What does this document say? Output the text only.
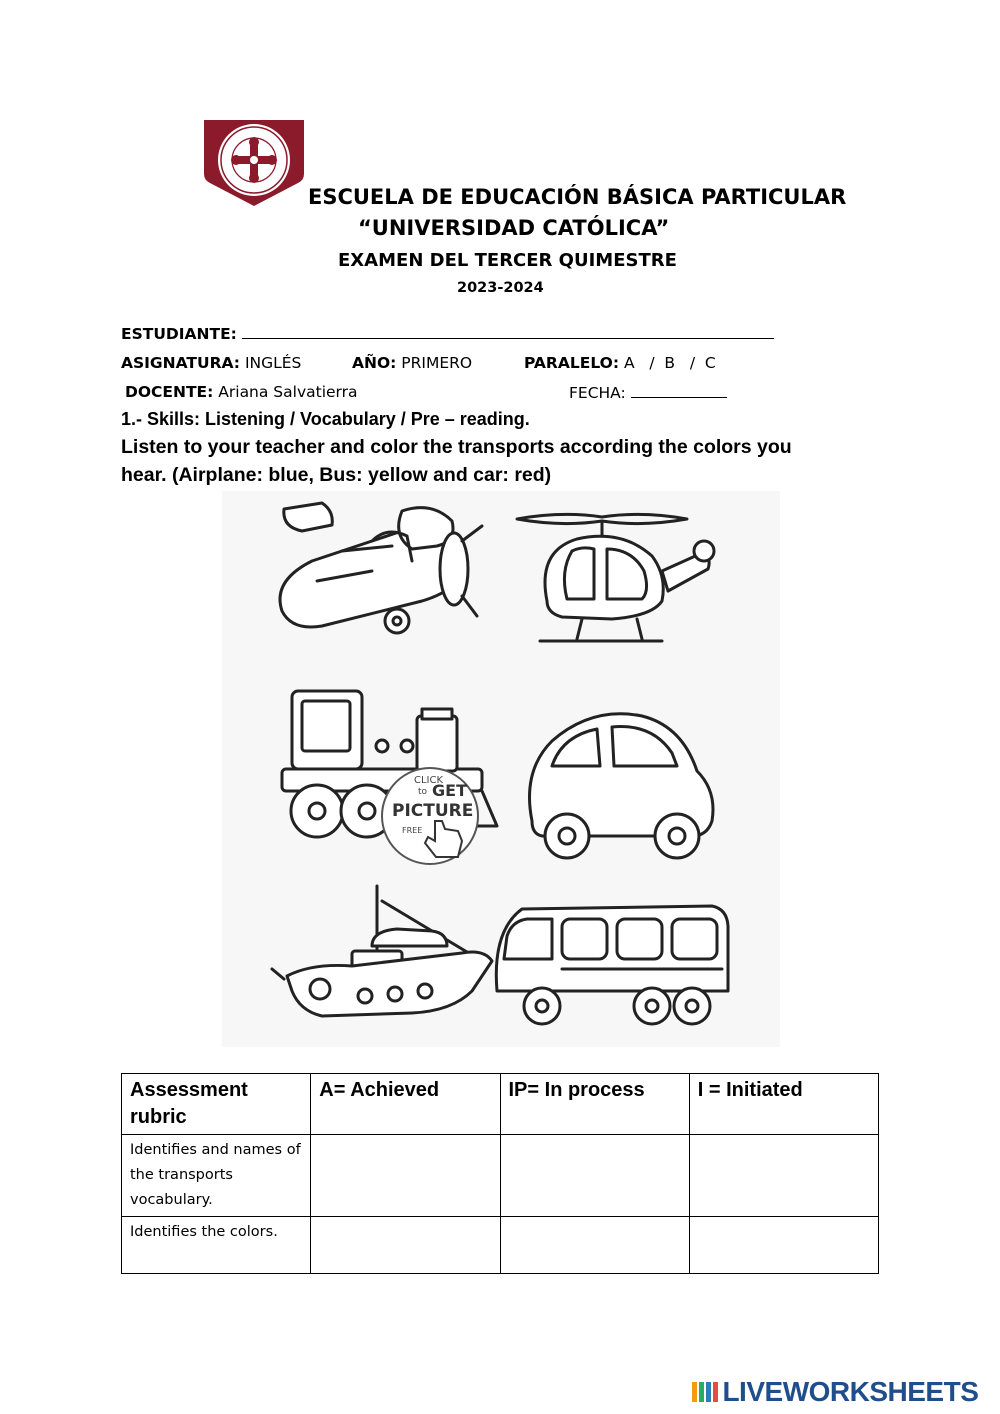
ESCUELA DE EDUCACIÓN BÁSICA PARTICULAR
“UNIVERSIDAD CATÓLICA”
EXAMEN DEL TERCER QUIMESTRE
2023-2024
ESTUDIANTE:
ASIGNATURA: INGLÉS	AÑO: PRIMERO	PARALELO: A   /  B   /  C
DOCENTE: Ariana Salvatierra	FECHA:
1.- Skills: Listening / Vocabulary / Pre – reading.
Listen to your teacher and color the transports according the colors you
hear. (Airplane: blue, Bus: yellow and car: red)
CLICK
to GET
PICTURE
FREE
Assessment rubric	A= Achieved	IP= In process	I = Initiated
Identifies and names of the transports vocabulary.			
Identifies the colors.			
LIVEWORKSHEETS
